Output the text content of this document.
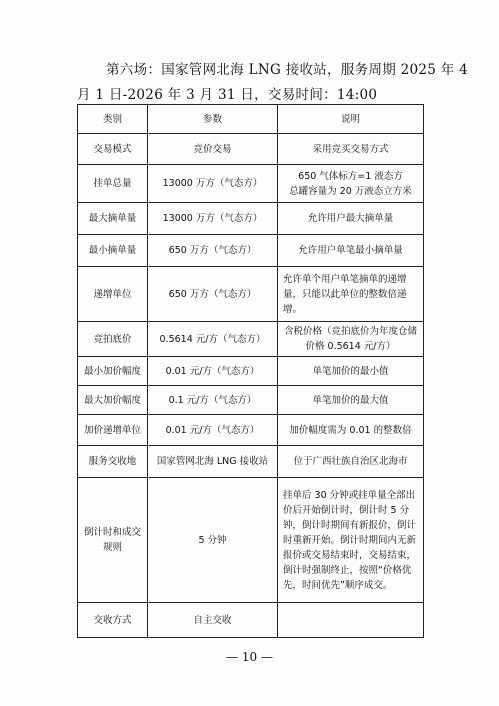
第六场：国家管网北海 LNG 接收站，服务周期 2025 年 4
月 1 日-2026 年 3 月 31 日，交易时间：14:00
类别	参数	说明
交易模式	竞价交易	采用竞买交易方式
挂单总量	13000 万方（气态方）	650 气体标方=1 液态方
总罐容量为 20 万液态立方米
最大摘单量	13000 万方（气态方）	允许用户最大摘单量
最小摘单量	650 万方（气态方）	允许用户单笔最小摘单量
递增单位	650 万方（气态方）	允许单个用户单笔摘单的递增量，只能以此单位的整数倍递增。
竞拍底价	0.5614 元/方（气态方）	含税价格（竞拍底价为年度仓储价格 0.5614 元/方）
最小加价幅度	0.01 元/方（气态方）	单笔加价的最小值
最大加价幅度	0.1 元/方（气态方）	单笔加价的最大值
加价递增单位	0.01 元/方（气态方）	加价幅度需为 0.01 的整数倍
服务交收地	国家管网北海 LNG 接收站	位于广西壮族自治区北海市
倒计时和成交规则	5 分钟	挂单后 30 分钟或挂单量全部出价后开始倒计时，倒计时 5 分钟，倒计时期间有新报价，倒计时重新开始。倒计时期间内无新报价或交易结束时，交易结束，倒计时强制终止，按照“价格优先，时间优先”顺序成交。
交收方式	自主交收	
— 10 —
